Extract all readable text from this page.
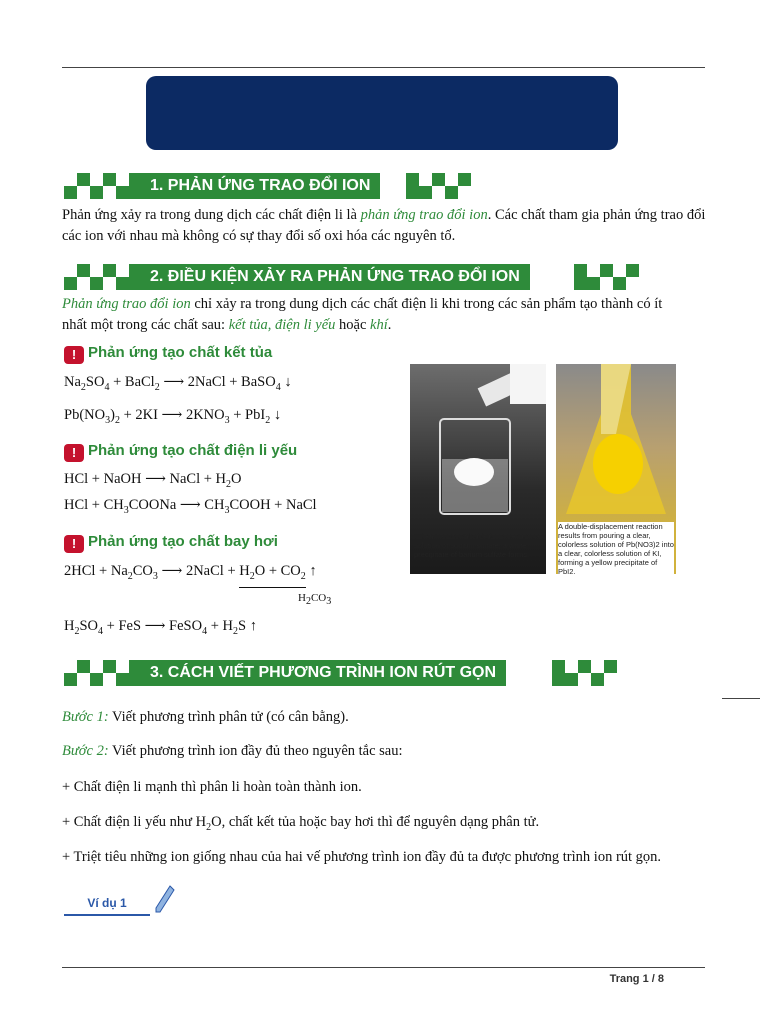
1. PHẢN ỨNG TRAO ĐỔI ION
Phản ứng xảy ra trong dung dịch các chất điện li là phản ứng trao đổi ion. Các chất tham gia phản ứng trao đổi các ion với nhau mà không có sự thay đổi số oxi hóa các nguyên tố.
2. ĐIỀU KIỆN XẢY RA PHẢN ỨNG TRAO ĐỔI ION
Phản ứng trao đổi ion chỉ xảy ra trong dung dịch các chất điện li khi trong các sản phẩm tạo thành có ít nhất một trong các chất sau: kết tủa, điện li yếu hoặc khí.
! Phản ứng tạo chất kết tủa
$Na_2SO_4$ + BaCl$_2$ ⟶ 2NaCl + BaSO$_4$ ↓
$Pb(NO_3)_2 + 2KI$ ⟶ $2KNO_3 + PbI_2$ ↓
! Phản ứng tạo chất điện li yếu
HCl + NaOH ⟶ NaCl + $H_2O$
HCl + $CH_3COONa$ ⟶ $CH_3COOH$ + NaCl
! Phản ứng tạo chất bay hơi
$2HCl + Na_2CO_3$ ⟶ 2NaCl + $H_2O + CO_2$ ↑
$H_2CO_3$
$H_2SO_4$ + FeS ⟶ FeSO$_4$ + $H_2S$ ↑
When barium chloride is poured into a solution of sodium sulfate, a white precipitate of barium sulfate forms.
A double-displacement reaction results from pouring a clear, colorless solution of Pb(NO3)2 into a clear, colorless solution of KI, forming a yellow precipitate of PbI2.
3. CÁCH VIẾT PHƯƠNG TRÌNH ION RÚT GỌN
Bước 1: Viết phương trình phân tử (có cân bằng).
Bước 2: Viết phương trình ion đầy đủ theo nguyên tắc sau:
+ Chất điện li mạnh thì phân li hoàn toàn thành ion.
+ Chất điện li yếu như $H_2O$, chất kết tủa hoặc bay hơi thì để nguyên dạng phân tử.
+ Triệt tiêu những ion giống nhau của hai vế phương trình ion đầy đủ ta được phương trình ion rút gọn.
Ví dụ 1
Trang 1 / 8
